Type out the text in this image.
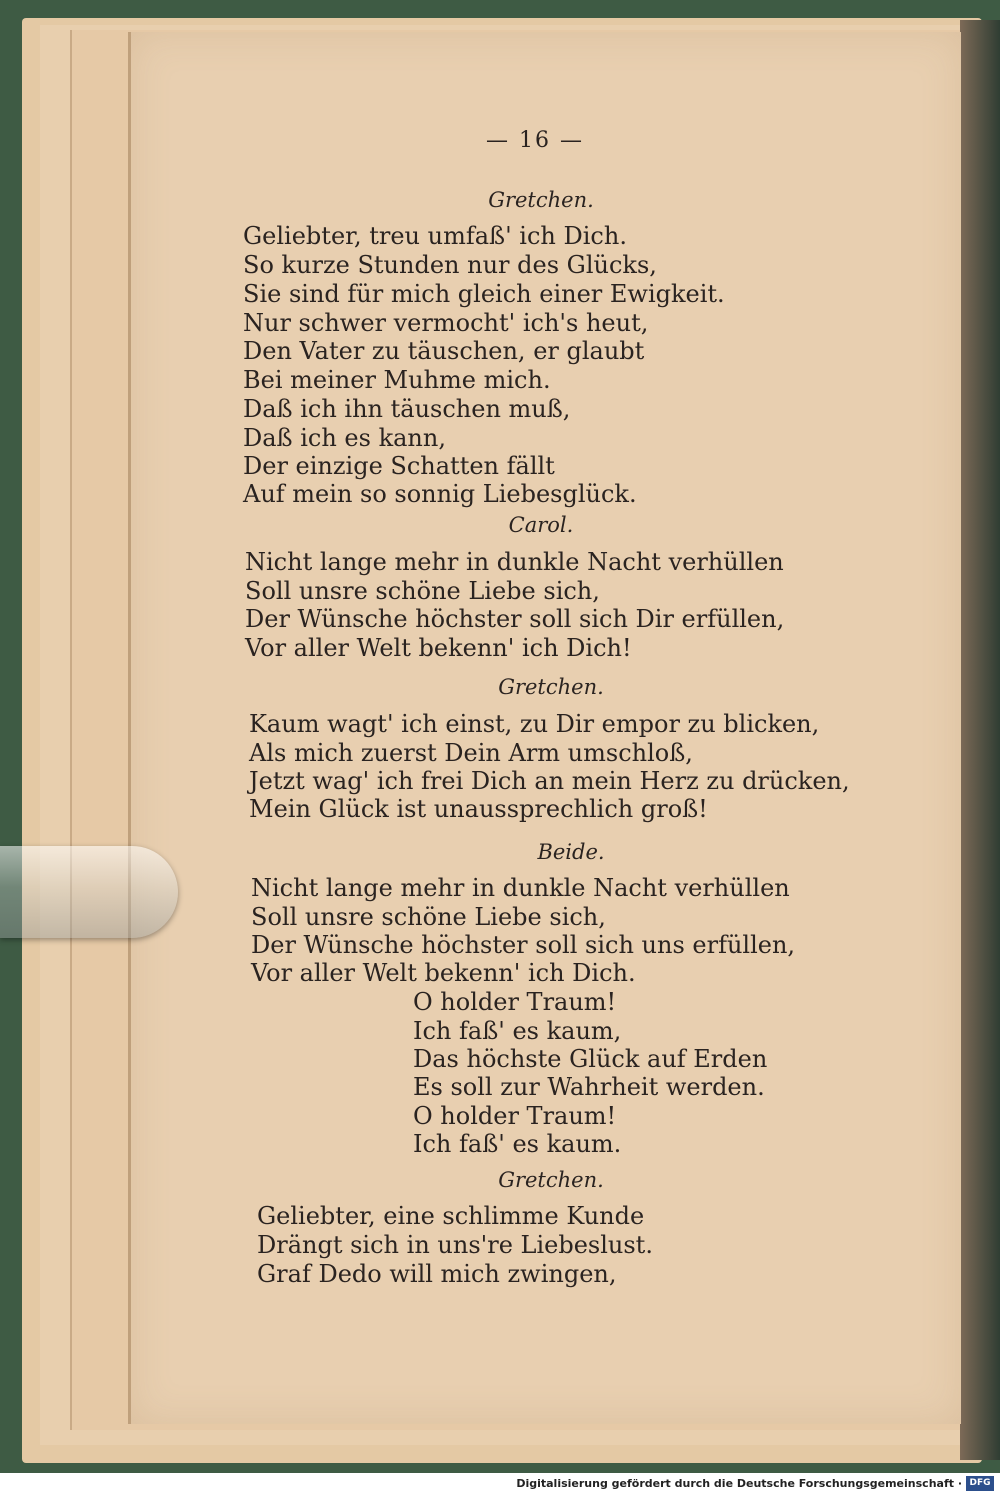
— 16 —
Gretchen.
Geliebter, treu umfaß' ich Dich.
So kurze Stunden nur des Glücks,
Sie sind für mich gleich einer Ewigkeit.
Nur schwer vermocht' ich's heut,
Den Vater zu täuschen, er glaubt
Bei meiner Muhme mich.
Daß ich ihn täuschen muß,
Daß ich es kann,
Der einzige Schatten fällt
Auf mein so sonnig Liebesglück.
Carol.
Nicht lange mehr in dunkle Nacht verhüllen
Soll unsre schöne Liebe sich,
Der Wünsche höchster soll sich Dir erfüllen,
Vor aller Welt bekenn' ich Dich!
Gretchen.
Kaum wagt' ich einst, zu Dir empor zu blicken,
Als mich zuerst Dein Arm umschloß,
Jetzt wag' ich frei Dich an mein Herz zu drücken,
Mein Glück ist unaussprechlich groß!
Beide.
Nicht lange mehr in dunkle Nacht verhüllen
Soll unsre schöne Liebe sich,
Der Wünsche höchster soll sich uns erfüllen,
Vor aller Welt bekenn' ich Dich.
O holder Traum!
Ich faß' es kaum,
Das höchste Glück auf Erden
Es soll zur Wahrheit werden.
O holder Traum!
Ich faß' es kaum.
Gretchen.
Geliebter, eine schlimme Kunde
Drängt sich in uns're Liebeslust.
Graf Dedo will mich zwingen,
Digitalisierung gefördert durch die Deutsche Forschungsgemeinschaft · DFG
